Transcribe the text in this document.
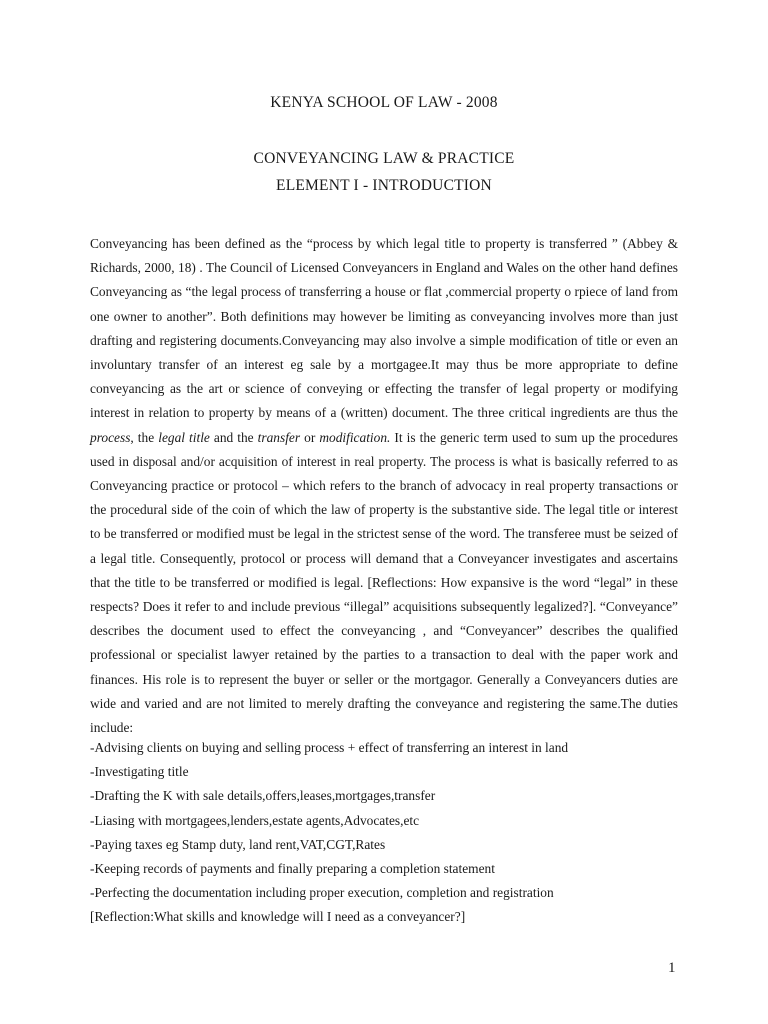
KENYA SCHOOL OF LAW - 2008
CONVEYANCING LAW & PRACTICE
ELEMENT I - INTRODUCTION

Conveyancing has been defined as the “process by which legal title to property is transferred ” (Abbey & Richards, 2000, 18) . The Council of Licensed Conveyancers in England and Wales on the other hand defines Conveyancing as “the legal process of transferring a house or flat ,commercial property o rpiece of land from one owner to another”. Both definitions may however be limiting as conveyancing involves more than just drafting and registering documents.Conveyancing may also involve a simple modification of title or even an involuntary transfer of an interest eg sale by a mortgagee.It may thus be more appropriate to define conveyancing as the art or science of conveying or effecting the transfer of legal property or modifying interest in relation to property by means of a (written) document. The three critical ingredients are thus the process, the legal title and the transfer or modification. It is the generic term used to sum up the procedures used in disposal and/or acquisition of interest in real property. The process is what is basically referred to as Conveyancing practice or protocol – which refers to the branch of advocacy in real property transactions or the procedural side of the coin of which the law of property is the substantive side. The legal title or interest to be transferred or modified must be legal in the strictest sense of the word. The transferee must be seized of a legal title. Consequently, protocol or process will demand that a Conveyancer investigates and ascertains that the title to be transferred or modified is legal. [Reflections: How expansive is the word “legal” in these respects? Does it refer to and include previous “illegal” acquisitions subsequently legalized?]. “Conveyance” describes the document used to effect the conveyancing , and “Conveyancer” describes the qualified professional or specialist lawyer retained by the parties to a transaction to deal with the paper work and finances. His role is to represent the buyer or seller or the mortgagor. Generally a Conveyancers duties are wide and varied and are not limited to merely drafting the conveyance and registering the same.The duties include:

-Advising clients on buying and selling process + effect of transferring an interest in land
-Investigating title
-Drafting the K with sale details,offers,leases,mortgages,transfer
-Liasing with mortgagees,lenders,estate agents,Advocates,etc
-Paying taxes eg Stamp duty, land rent,VAT,CGT,Rates
-Keeping records of payments and finally preparing a completion statement
-Perfecting the documentation including proper execution, completion and registration
[Reflection:What skills and knowledge will I need as a conveyancer?]
1
